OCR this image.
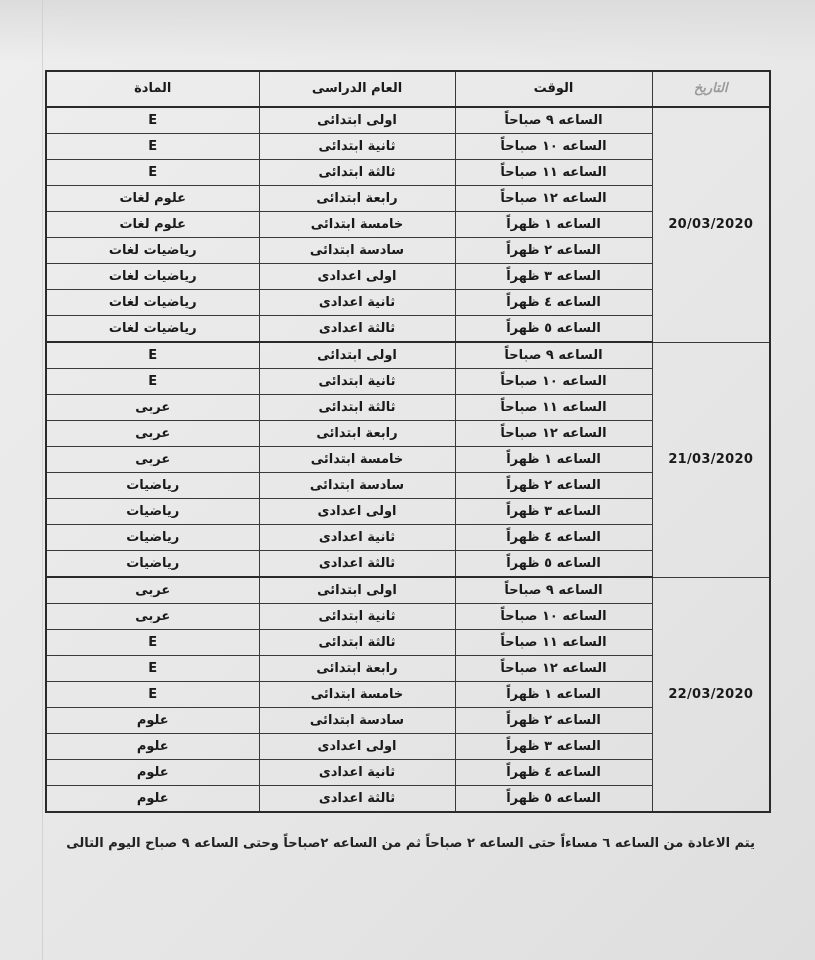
التاريخ	الوقت	العام الدراسى	المادة
20/03/2020	الساعه ٩ صباحاً	اولى ابتدائى	E
	الساعه ١٠ صباحاً	ثانية ابتدائى	E
	الساعه ١١ صباحاً	ثالثة ابتدائى	E
	الساعه ١٢ صباحاً	رابعة ابتدائى	علوم لغات
	الساعه ١ ظهراً	خامسة ابتدائى	علوم لغات
	الساعه ٢ ظهراً	سادسة ابتدائى	رياضيات لغات
	الساعه ٣ ظهراً	اولى اعدادى	رياضيات لغات
	الساعه ٤ ظهراً	ثانية اعدادى	رياضيات لغات
	الساعه ٥ ظهراً	ثالثة اعدادى	رياضيات لغات
21/03/2020	الساعه ٩ صباحاً	اولى ابتدائى	E
	الساعه ١٠ صباحاً	ثانية ابتدائى	E
	الساعه ١١ صباحاً	ثالثة ابتدائى	عربى
	الساعه ١٢ صباحاً	رابعة ابتدائى	عربى
	الساعه ١ ظهراً	خامسة ابتدائى	عربى
	الساعه ٢ ظهراً	سادسة ابتدائى	رياضيات
	الساعه ٣ ظهراً	اولى اعدادى	رياضيات
	الساعه ٤ ظهراً	ثانية اعدادى	رياضيات
	الساعه ٥ ظهراً	ثالثة اعدادى	رياضيات
22/03/2020	الساعه ٩ صباحاً	اولى ابتدائى	عربى
	الساعه ١٠ صباحاً	ثانية ابتدائى	عربى
	الساعه ١١ صباحاً	ثالثة ابتدائى	E
	الساعه ١٢ صباحاً	رابعة ابتدائى	E
	الساعه ١ ظهراً	خامسة ابتدائى	E
	الساعه ٢ ظهراً	سادسة ابتدائى	علوم
	الساعه ٣ ظهراً	اولى اعدادى	علوم
	الساعه ٤ ظهراً	ثانية اعدادى	علوم
	الساعه ٥ ظهراً	ثالثة اعدادى	علوم
يتم الاعادة من الساعه ٦ مساءاً حتى الساعه ٢ صباحاً ثم من الساعه ٢صباحاً وحتى الساعه ٩ صباح اليوم التالى
